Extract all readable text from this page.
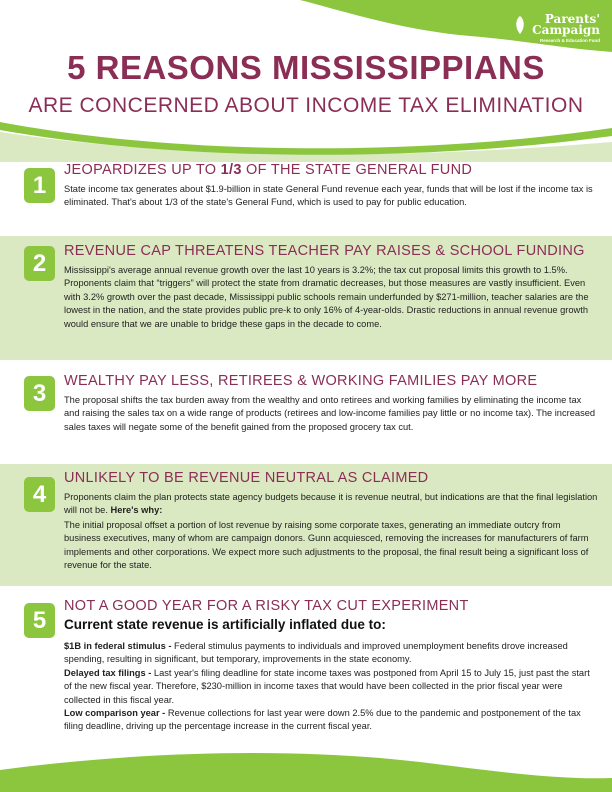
Parents'
Campaign
Research & Education Fund
5 REASONS MISSISSIPPIANS
ARE CONCERNED ABOUT INCOME TAX ELIMINATION
1
JEOPARDIZES UP TO 1/3 OF THE STATE GENERAL FUND
State income tax generates about $1.9-billion in state General Fund revenue each year, funds that will be lost if the income tax is eliminated. That's about 1/3 of the state's General Fund, which is used to pay for public education.
2	REVENUE CAP THREATENS TEACHER PAY RAISES & SCHOOL FUNDING
Mississippi's average annual revenue growth over the last 10 years is 3.2%; the tax cut proposal limits this growth to 1.5%. Proponents claim that “triggers” will protect the state from dramatic decreases, but those measures are vastly insufficient. Even with 3.2% growth over the past decade, Mississippi public schools remain underfunded by $271-million, teacher salaries are the lowest in the nation, and the state provides public pre-k to only 16% of 4-year-olds. Drastic reductions in annual revenue growth would ensure that we are unable to bridge these gaps in the decade to come.
3	WEALTHY PAY LESS, RETIREES & WORKING FAMILIES PAY MORE
The proposal shifts the tax burden away from the wealthy and onto retirees and working families by eliminating the income tax and raising the sales tax on a wide range of products (retirees and low-income families pay little or no income tax). The increased sales taxes will negate some of the benefit gained from the proposed grocery tax cut.
4
UNLIKELY TO BE REVENUE NEUTRAL AS CLAIMED

Proponents claim the plan protects state agency budgets because it is revenue neutral, but indications are that the final legislation will not be. Here's why:

The initial proposal offset a portion of lost revenue by raising some corporate taxes, generating an immediate outcry from business executives, many of whom are campaign donors. Gunn acquiesced, removing the increases for manufacturers of farm implements and other corporations. We expect more such adjustments to the proposal, the final result being a significant loss of revenue for the state.

5
NOT A GOOD YEAR FOR A RISKY TAX CUT EXPERIMENT
Current state revenue is artificially inflated due to:

$1B in federal stimulus - Federal stimulus payments to individuals and improved unemployment benefits drove increased spending, resulting in significant, but temporary, improvements in the state economy.

Delayed tax filings - Last year's filing deadline for state income taxes was postponed from April 15 to July 15, just past the start of the new fiscal year. Therefore, $230-million in income taxes that would have been collected in the prior fiscal year were collected in this fiscal year.

Low comparison year - Revenue collections for last year were down 2.5% due to the pandemic and postponement of the tax filing deadline, driving up the percentage increase in the current fiscal year.
